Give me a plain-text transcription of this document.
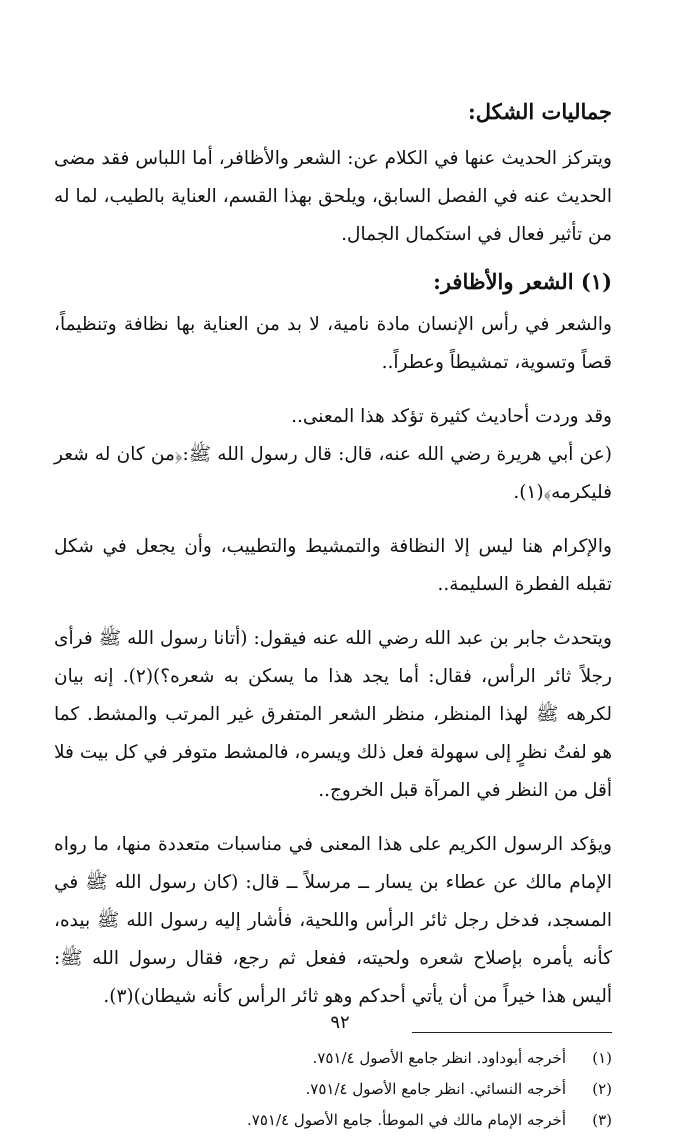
جماليات الشكل:

ويتركز الحديث عنها في الكلام عن: الشعر والأظافر، أما اللباس فقد مضى الحديث عنه في الفصل السابق، ويلحق بهذا القسم، العناية بالطيب، لما له من تأثير فعال في استكمال الجمال.

(١) الشعر والأظافر:

والشعر في رأس الإنسان مادة نامية، لا بد من العناية بها نظافة وتنظيماً، قصاً وتسوية، تمشيطاً وعطراً..

وقد وردت أحاديث كثيرة تؤكد هذا المعنى..

(عن أبي هريرة رضي الله عنه، قال: قال رسول الله ﷺ:﴿من كان له شعر فليكرمه﴾(١).

والإكرام هنا ليس إلا النظافة والتمشيط والتطييب، وأن يجعل في شكل تقبله الفطرة السليمة..

ويتحدث جابر بن عبد الله رضي الله عنه فيقول: (أتانا رسول الله ﷺ فرأى رجلاً ثائر الرأس، فقال: أما يجد هذا ما يسكن به شعره؟)(٢). إنه بيان لكرهه ﷺ لهذا المنظر، منظر الشعر المتفرق غير المرتب والمشط. كما هو لفتُ نظرٍ إلى سهولة فعل ذلك ويسره، فالمشط متوفر في كل بيت فلا أقل من النظر في المرآة قبل الخروج..

ويؤكد الرسول الكريم على هذا المعنى في مناسبات متعددة منها، ما رواه الإمام مالك عن عطاء بن يسار ــ مرسلاً ــ قال: (كان رسول الله ﷺ في المسجد، فدخل رجل ثائر الرأس واللحية، فأشار إليه رسول الله ﷺ بيده، كأنه يأمره بإصلاح شعره ولحيته، ففعل ثم رجع، فقال رسول الله ﷺ: أليس هذا خيراً من أن يأتي أحدكم وهو ثائر الرأس كأنه شيطان)(٣).

(١)
أخرجه أبوداود. انظر جامع الأصول ٧٥١/٤.
(٢)
أخرجه النسائي. انظر جامع الأصول ٧٥١/٤.
(٣)
أخرجه الإمام مالك في الموطأ. جامع الأصول ٧٥١/٤.
٩٢
